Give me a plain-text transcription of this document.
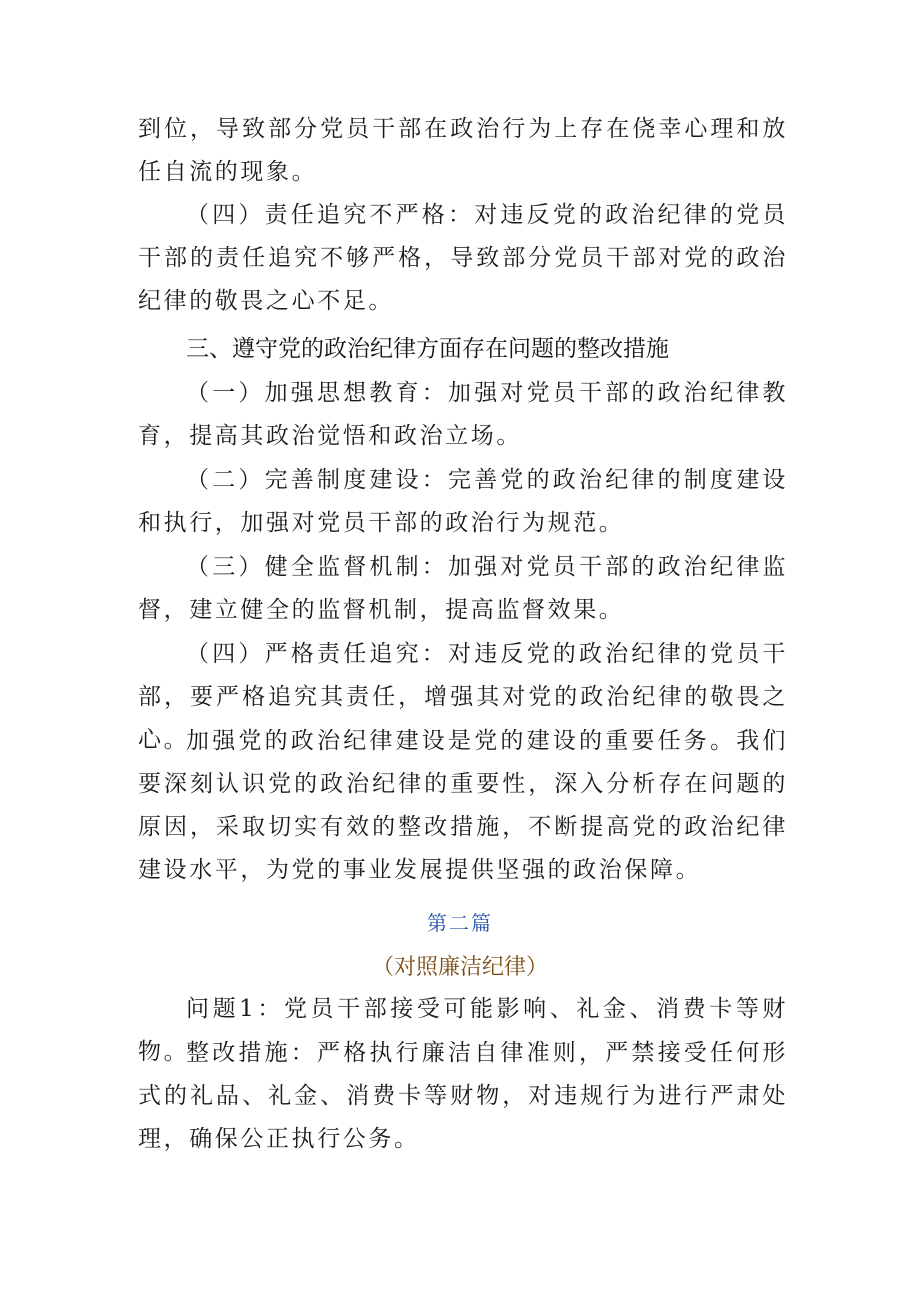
到位，导致部分党员干部在政治行为上存在侥幸心理和放任自流的现象。

（四）责任追究不严格：对违反党的政治纪律的党员干部的责任追究不够严格，导致部分党员干部对党的政治纪律的敬畏之心不足。

三、遵守党的政治纪律方面存在问题的整改措施

（一）加强思想教育：加强对党员干部的政治纪律教育，提高其政治觉悟和政治立场。

（二）完善制度建设：完善党的政治纪律的制度建设和执行，加强对党员干部的政治行为规范。

（三）健全监督机制：加强对党员干部的政治纪律监督，建立健全的监督机制，提高监督效果。

（四）严格责任追究：对违反党的政治纪律的党员干部，要严格追究其责任，增强其对党的政治纪律的敬畏之心。

加强党的政治纪律建设是党的建设的重要任务。我们要深刻认识党的政治纪律的重要性，深入分析存在问题的原因，采取切实有效的整改措施，不断提高党的政治纪律建设水平，为党的事业发展提供坚强的政治保障。

第二篇

（对照廉洁纪律）

问题1：党员干部接受可能影响、礼金、消费卡等财物。

整改措施：严格执行廉洁自律准则，严禁接受任何形式的礼品、礼金、消费卡等财物，对违规行为进行严肃处理，确保公正执行公务。
